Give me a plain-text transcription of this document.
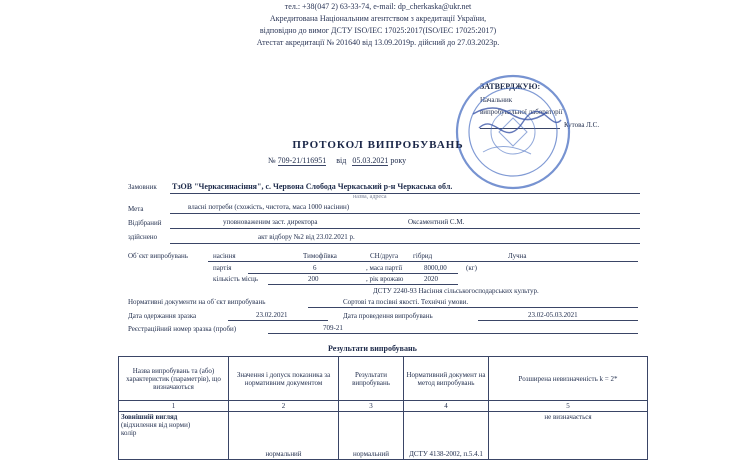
тел.: +38(047 2) 63-33-74, e-mail: dp_cherkaska@ukr.net
Акредитована Національним агентством з акредитації України,
відповідно до вимог ДСТУ ISO/IEC 17025:2017(ISO/IEC 17025:2017)
Атестат акредитації № 201640 від 13.09.2019р. дійсний до 27.03.2023р.
ЗАТВЕРДЖУЮ:
Начальник
випробувальної лабораторії
Кутова Л.С.
ПРОТОКОЛ ВИПРОБУВАНЬ
№ 709-21/116951 від 05.03.2021 року
Замовник ТзОВ "Черкасинасіння", с. Червона Слобода Черкаський р-н Черкаська обл.
назва, адреса
Мета	власні потреби (схожість, чистота, маса 1000 насінин)
Відібраний	уповноваженим заст. директора	Оксаментний С.М.
здійснено	акт відбору №2 від 23.02.2021 р.
Об`єкт випробувань	насіння	Тимофіївка	СН/друга гібрид	Лучна
партія	6	, маса партії	8000,00	(кг)
кількість місць	200	, рік врожаю	2020
ДСТУ 2240-93 Насіння сільськогосподарських культур.
Нормативні документи на об`єкт випробувань	Сортові та посівні якості. Технічні умови.
Дата одержання зразка	23.02.2021	Дата проведення випробувань	23.02-05.03.2021
Реєстраційний номер зразка (проби)	709-21
Результати випробувань
Назва випробувань та (або) характеристик (параметрів), що визначаються	Значення і допуск показника за нормативним документом	Результати випробувань	Нормативний документ на метод випробувань	Розширена невизначеність k = 2*
1	2	3	4	5

Зовнішній вигляд
(відхилення від норми)
колір	нормальний	нормальний	ДСТУ 4138-2002, п.5.4.1	не визначається
